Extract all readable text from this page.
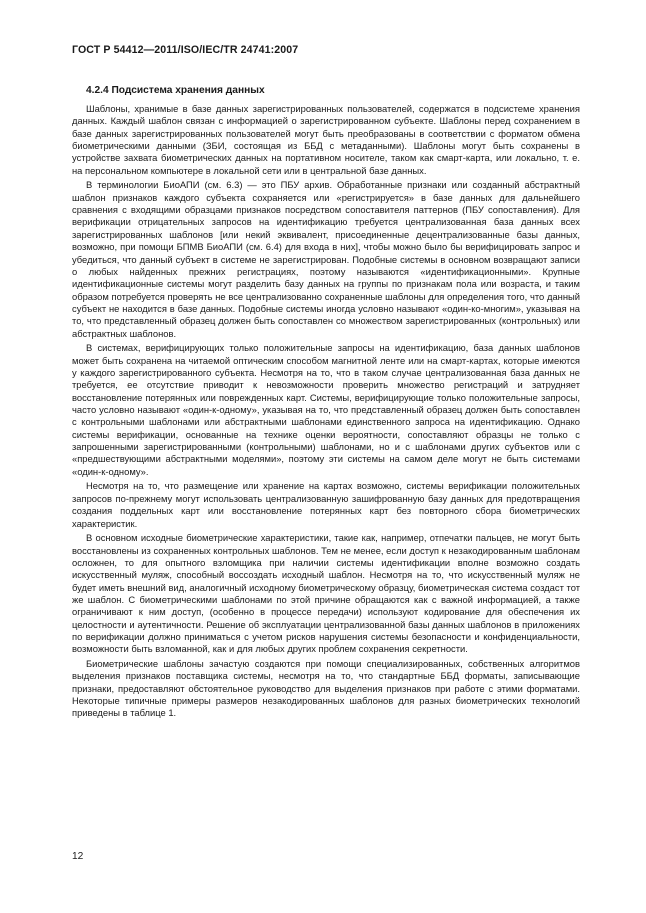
ГОСТ Р 54412—2011/ISO/IEC/TR 24741:2007
4.2.4 Подсистема хранения данных

Шаблоны, хранимые в базе данных зарегистрированных пользователей, содержатся в подсистеме хранения данных. Каждый шаблон связан с информацией о зарегистрированном субъекте. Шаблоны перед сохранением в базе данных зарегистрированных пользователей могут быть преобразованы в соответствии с форматом обмена биометрическими данными (ЗБИ, состоящая из ББД с метаданными). Шаблоны могут быть сохранены в устройстве захвата биометрических данных на портативном носителе, таком как смарт-карта, или локально, т. е. на персональном компьютере в локальной сети или в центральной базе данных.

В терминологии БиоАПИ (см. 6.3) — это ПБУ архив. Обработанные признаки или созданный абстрактный шаблон признаков каждого субъекта сохраняется или «регистрируется» в базе данных для дальнейшего сравнения с входящими образцами признаков посредством сопоставителя паттернов (ПБУ сопоставления). Для верификации отрицательных запросов на идентификацию требуется централизованная база данных всех зарегистрированных шаблонов [или некий эквивалент, присоединенные децентрализованные базы данных, возможно, при помощи БПМВ БиоАПИ (см. 6.4) для входа в них], чтобы можно было бы верифицировать запрос и убедиться, что данный субъект в системе не зарегистрирован. Подобные системы в основном возвращают записи о любых найденных прежних регистрациях, поэтому называются «идентификационными». Крупные идентификационные системы могут разделить базу данных на группы по признакам пола или возраста, и таким образом потребуется проверять не все централизованно сохраненные шаблоны для определения того, что данный субъект не находится в базе данных. Подобные системы иногда условно называют «один-ко-многим», указывая на то, что представленный образец должен быть сопоставлен со множеством зарегистрированных (контрольных) или абстрактных шаблонов.

В системах, верифицирующих только положительные запросы на идентификацию, база данных шаблонов может быть сохранена на читаемой оптическим способом магнитной ленте или на смарт-картах, которые имеются у каждого зарегистрированного субъекта. Несмотря на то, что в таком случае централизованная база данных не требуется, ее отсутствие приводит к невозможности проверить множество регистраций и затрудняет восстановление потерянных или поврежденных карт. Системы, верифицирующие только положительные запросы, часто условно называют «один-к-одному», указывая на то, что представленный образец должен быть сопоставлен с контрольными шаблонами или абстрактными шаблонами единственного запроса на идентификацию. Однако системы верификации, основанные на технике оценки вероятности, сопоставляют образцы не только с запрошенными зарегистрированными (контрольными) шаблонами, но и с шаблонами других субъектов или с «предшествующими абстрактными моделями», поэтому эти системы на самом деле могут не быть системами «один-к-одному».

Несмотря на то, что размещение или хранение на картах возможно, системы верификации положительных запросов по-прежнему могут использовать централизованную зашифрованную базу данных для предотвращения создания поддельных карт или восстановление потерянных карт без повторного сбора биометрических характеристик.

В основном исходные биометрические характеристики, такие как, например, отпечатки пальцев, не могут быть восстановлены из сохраненных контрольных шаблонов. Тем не менее, если доступ к незакодированным шаблонам осложнен, то для опытного взломщика при наличии системы идентификации вполне возможно создать искусственный муляж, способный воссоздать исходный шаблон. Несмотря на то, что искусственный муляж не будет иметь внешний вид, аналогичный исходному биометрическому образцу, биометрическая система создаст тот же шаблон. С биометрическими шаблонами по этой причине обращаются как с важной информацией, а также ограничивают к ним доступ, (особенно в процессе передачи) используют кодирование для обеспечения их целостности и аутентичности. Решение об эксплуатации централизованной базы данных шаблонов в приложениях по верификации должно приниматься с учетом рисков нарушения системы безопасности и конфиденциальности, возможности быть взломанной, как и для любых других проблем сохранения секретности.

Биометрические шаблоны зачастую создаются при помощи специализированных, собственных алгоритмов выделения признаков поставщика системы, несмотря на то, что стандартные ББД форматы, записывающие признаки, предоставляют обстоятельное руководство для выделения признаков при работе с этими форматами. Некоторые типичные примеры размеров незакодированных шаблонов для разных биометрических технологий приведены в таблице 1.

12
